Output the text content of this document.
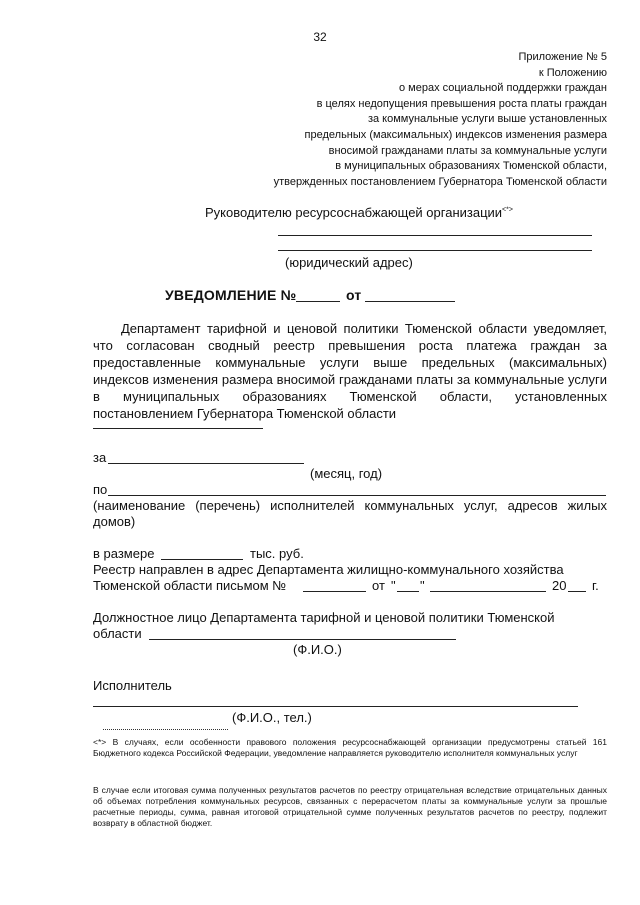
32
Приложение № 5
к Положению
о мерах социальной поддержки граждан
в целях недопущения превышения роста платы граждан
за коммунальные услуги выше установленных
предельных (максимальных) индексов изменения размера
вносимой гражданами платы за коммунальные услуги
в муниципальных образованиях Тюменской области,
утвержденных постановлением Губернатора Тюменской области
Руководителю ресурсоснабжающей организации<*>
(юридический адрес)
УВЕДОМЛЕНИЕ №	от

Департамент тарифной и ценовой политики Тюменской области уведомляет, что согласован сводный реестр превышения роста платежа граждан за предоставленные коммунальные услуги выше предельных (максимальных) индексов изменения размера вносимой гражданами платы за коммунальные услуги в муниципальных образованиях Тюменской области, установленных постановлением Губернатора Тюменской области

за
(месяц, год)
по
(наименование (перечень) исполнителей коммунальных услуг, адресов жилых домов)
в размере	тыс. руб.
Реестр направлен в адрес Департамента жилищно-коммунального хозяйства
Тюменской области письмом №	от " "	20 г.
Должностное лицо Департамента тарифной и ценовой политики Тюменской
области
(Ф.И.О.)
Исполнитель
(Ф.И.О., тел.)
<*> В случаях, если особенности правового положения ресурсоснабжающей организации предусмотрены статьей 161 Бюджетного кодекса Российской Федерации, уведомление направляется руководителю исполнителя коммунальных услуг
В случае если итоговая сумма полученных результатов расчетов по реестру отрицательная вследствие отрицательных данных об объемах потребления коммунальных ресурсов, связанных с перерасчетом платы за коммунальные услуги за прошлые расчетные периоды, сумма, равная итоговой отрицательной сумме полученных результатов расчетов по реестру, подлежит возврату в областной бюджет.
